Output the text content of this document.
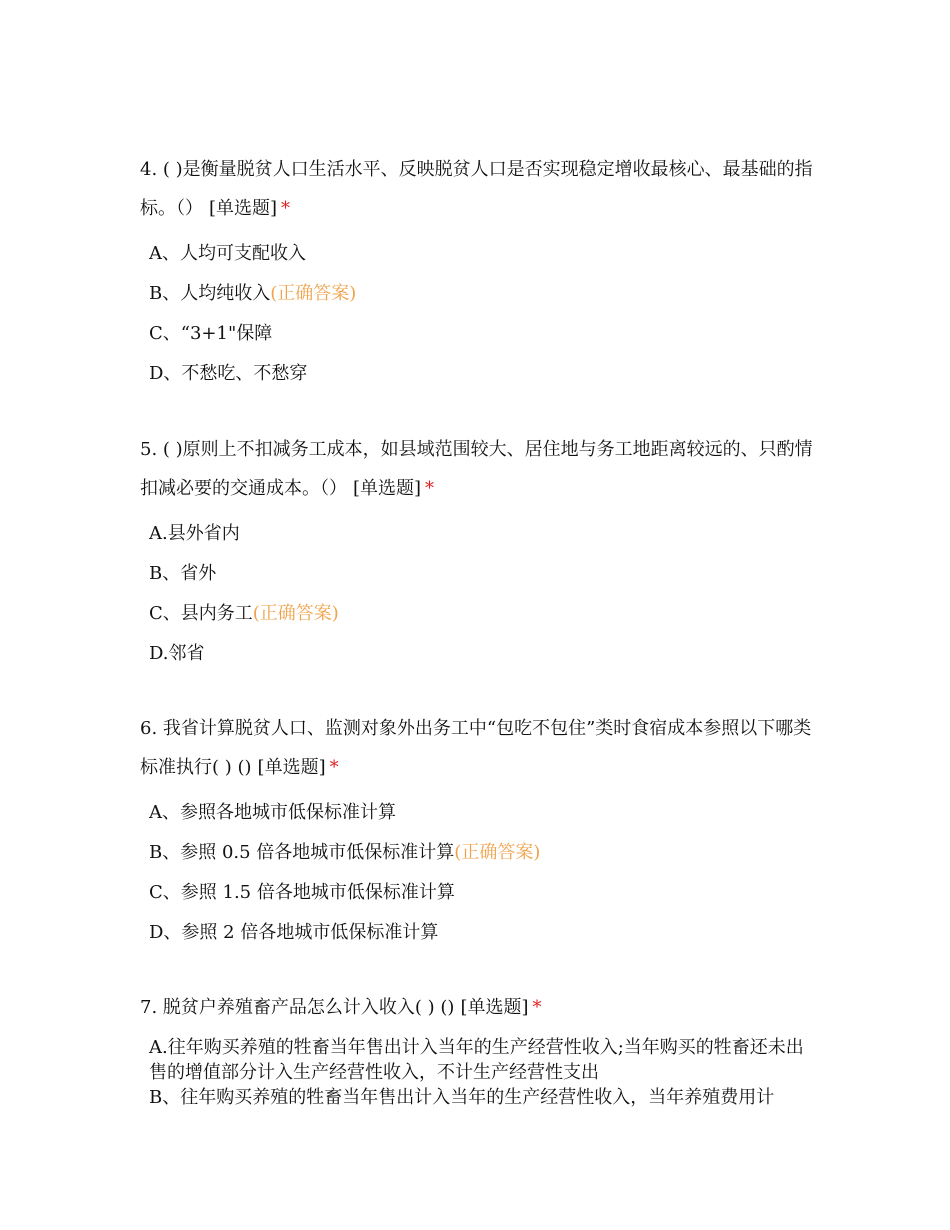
4. ( )是衡量脱贫人口生活水平、反映脱贫人口是否实现稳定增收最核心、最基础的指标。（） [单选题] *

A、人均可支配收入
B、人均纯收入(正确答案)
C、“3+1"保障
D、不愁吃、不愁穿

5. ( )原则上不扣减务工成本，如县域范围较大、居住地与务工地距离较远的、只酌情扣减必要的交通成本。（） [单选题] *

A.县外省内
B、省外
C、县内务工(正确答案)
D.邻省

6. 我省计算脱贫人口、监测对象外出务工中“包吃不包住”类时食宿成本参照以下哪类标准执行( ) () [单选题] *

A、参照各地城市低保标准计算
B、参照 0.5 倍各地城市低保标准计算(正确答案)
C、参照 1.5 倍各地城市低保标准计算
D、参照 2 倍各地城市低保标准计算

7. 脱贫户养殖畜产品怎么计入收入( ) () [单选题] *

A.往年购买养殖的牲畜当年售出计入当年的生产经营性收入;当年购买的牲畜还未出售的增值部分计入生产经营性收入，不计生产经营性支出
B、往年购买养殖的牲畜当年售出计入当年的生产经营性收入，当年养殖费用计
